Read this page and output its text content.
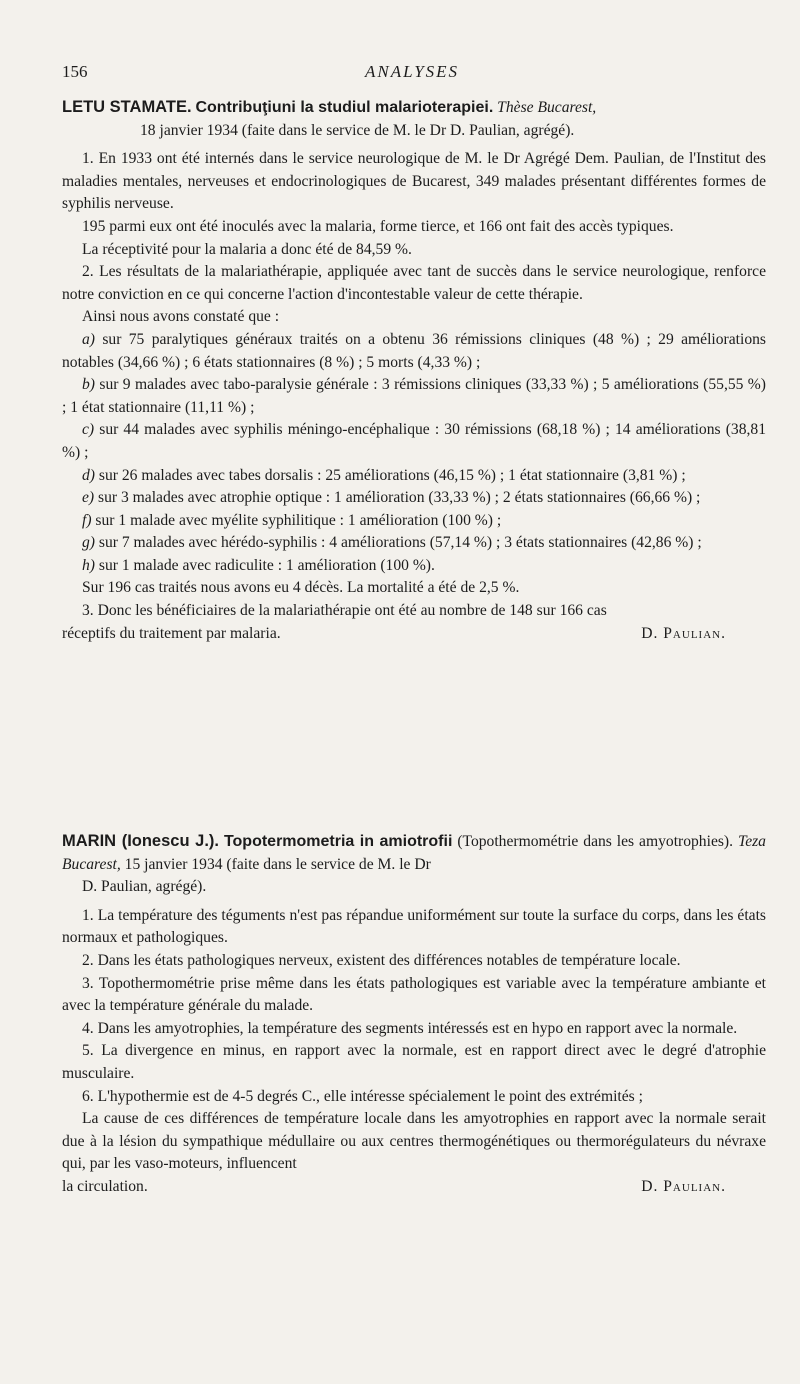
156	ANALYSES

LETU STAMATE. Contribuţiuni la studiul malarioterapiei. Thèse Bucarest,

18 janvier 1934 (faite dans le service de M. le Dr D. Paulian, agrégé).

1. En 1933 ont été internés dans le service neurologique de M. le Dr Agrégé Dem. Paulian, de l'Institut des maladies mentales, nerveuses et endocrinologiques de Bucarest, 349 malades présentant différentes formes de syphilis nerveuse.

195 parmi eux ont été inoculés avec la malaria, forme tierce, et 166 ont fait des accès typiques.

La réceptivité pour la malaria a donc été de 84,59 %.

2. Les résultats de la malariathérapie, appliquée avec tant de succès dans le service neurologique, renforce notre conviction en ce qui concerne l'action d'incontestable valeur de cette thérapie.

Ainsi nous avons constaté que :

a) sur 75 paralytiques généraux traités on a obtenu 36 rémissions cliniques (48 %) ; 29 améliorations notables (34,66 %) ; 6 états stationnaires (8 %) ; 5 morts (4,33 %) ;

b) sur 9 malades avec tabo-paralysie générale : 3 rémissions cliniques (33,33 %) ; 5 améliorations (55,55 %) ; 1 état stationnaire (11,11 %) ;

c) sur 44 malades avec syphilis méningo-encéphalique : 30 rémissions (68,18 %) ; 14 améliorations (38,81 %) ;

d) sur 26 malades avec tabes dorsalis : 25 améliorations (46,15 %) ; 1 état stationnaire (3,81 %) ;

e) sur 3 malades avec atrophie optique : 1 amélioration (33,33 %) ; 2 états stationnaires (66,66 %) ;

f) sur 1 malade avec myélite syphilitique : 1 amélioration (100 %) ;

g) sur 7 malades avec hérédo-syphilis : 4 améliorations (57,14 %) ; 3 états stationnaires (42,86 %) ;

h) sur 1 malade avec radiculite : 1 amélioration (100 %).

Sur 196 cas traités nous avons eu 4 décès. La mortalité a été de 2,5 %.

3. Donc les bénéficiaires de la malariathérapie ont été au nombre de 148 sur 166 cas

réceptifs du traitement par malaria.	D. Paulian.

MARIN (Ionescu J.). Topotermometria in amiotrofii (Topothermométrie dans les amyotrophies). Teza Bucarest, 15 janvier 1934 (faite dans le service de M. le Dr

D. Paulian, agrégé).

1. La température des téguments n'est pas répandue uniformément sur toute la surface du corps, dans les états normaux et pathologiques.

2. Dans les états pathologiques nerveux, existent des différences notables de température locale.

3. Topothermométrie prise même dans les états pathologiques est variable avec la température ambiante et avec la température générale du malade.

4. Dans les amyotrophies, la température des segments intéressés est en hypo en rapport avec la normale.

5. La divergence en minus, en rapport avec la normale, est en rapport direct avec le degré d'atrophie musculaire.

6. L'hypothermie est de 4-5 degrés C., elle intéresse spécialement le point des extrémités ;

La cause de ces différences de température locale dans les amyotrophies en rapport avec la normale serait due à la lésion du sympathique médullaire ou aux centres thermogénétiques ou thermorégulateurs du névraxe qui, par les vaso-moteurs, influencent

la circulation.	D. Paulian.
